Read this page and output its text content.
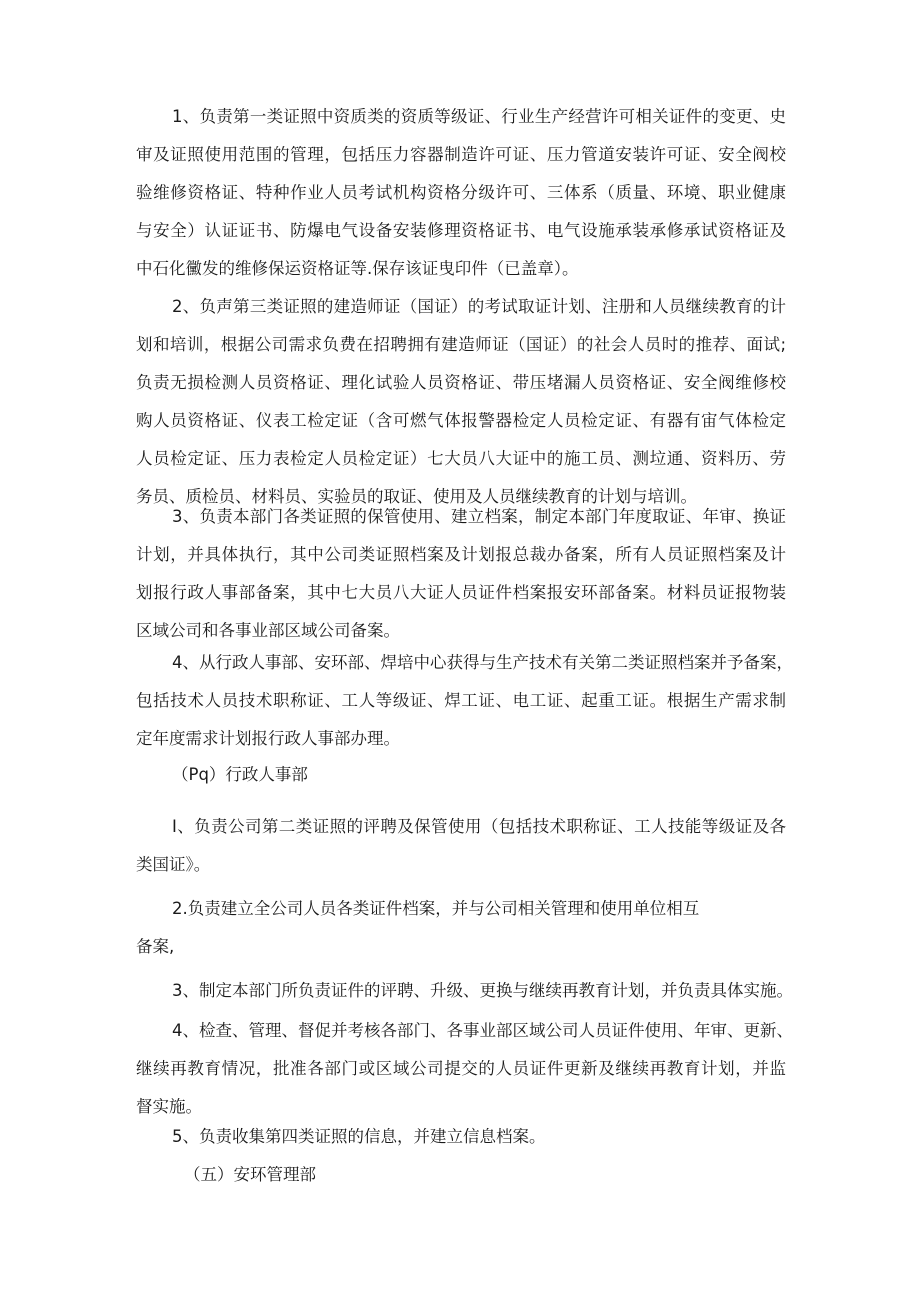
1、负责第一类证照中资质类的资质等级证、行业生产经营许可相关证件的变更、史
审及证照使用范围的管理，包括压力容器制造许可证、压力管道安装许可证、安全阀校
验维修资格证、特种作业人员考试机构资格分级许可、三体系（质量、环境、职业健康
与安全）认证证书、防爆电气设备安装修理资格证书、电气设施承装承修承试资格证及
中石化黴发的维修保运资格证等.保存该证曳印件（已盖章）。
2、负声第三类证照的建造师证（国证）的考试取证计划、注册和人员继续教育的计
划和培训，根据公司需求负费在招聘拥有建造师证（国证）的社会人员时的推荐、面试;
负责无损检测人员资格证、理化试验人员资格证、带压堵漏人员资格证、安全阀维修校
购人员资格证、仪表工检定证（含可燃气体报警器检定人员检定证、有器有宙气体检定
人员检定证、压力表检定人员检定证）七大员八大证中的施工员、测垃通、资料历、劳
务员、质检员、材料员、实验员的取证、使用及人员继续教育的计划与培训。
3、负责本部门各类证照的保管使用、建立档案，制定本部门年度取证、年审、换证
计划，并具体执行，其中公司类证照档案及计划报总裁办备案，所有人员证照档案及计
划报行政人事部备案，其中七大员八大证人员证件档案报安环部备案。材料员证报物装
区域公司和各事业部区域公司备案。
4、从行政人事部、安环部、焊培中心获得与生产技术有关第二类证照档案并予备案，
包括技术人员技术职称证、工人等级证、焊工证、电工证、起重工证。根据生产需求制
定年度需求计划报行政人事部办理。
（Pq）行政人事部
I、负责公司第二类证照的评聘及保管使用（包括技术职称证、工人技能等级证及各
类国证》。
2.负责建立全公司人员各类证件档案，并与公司相关管理和使用单位相互
备案,
3、制定本部门所负责证件的评聘、升级、更换与继续再教育计划，并负责具体实施。
4、检查、管理、督促并考核各部门、各事业部区域公司人员证件使用、年审、更新、
继续再教育情况，批准各部门或区域公司提交的人员证件更新及继续再教育计划，并监
督实施。
5、负责收集第四类证照的信息，并建立信息档案。
（五）安环管理部
